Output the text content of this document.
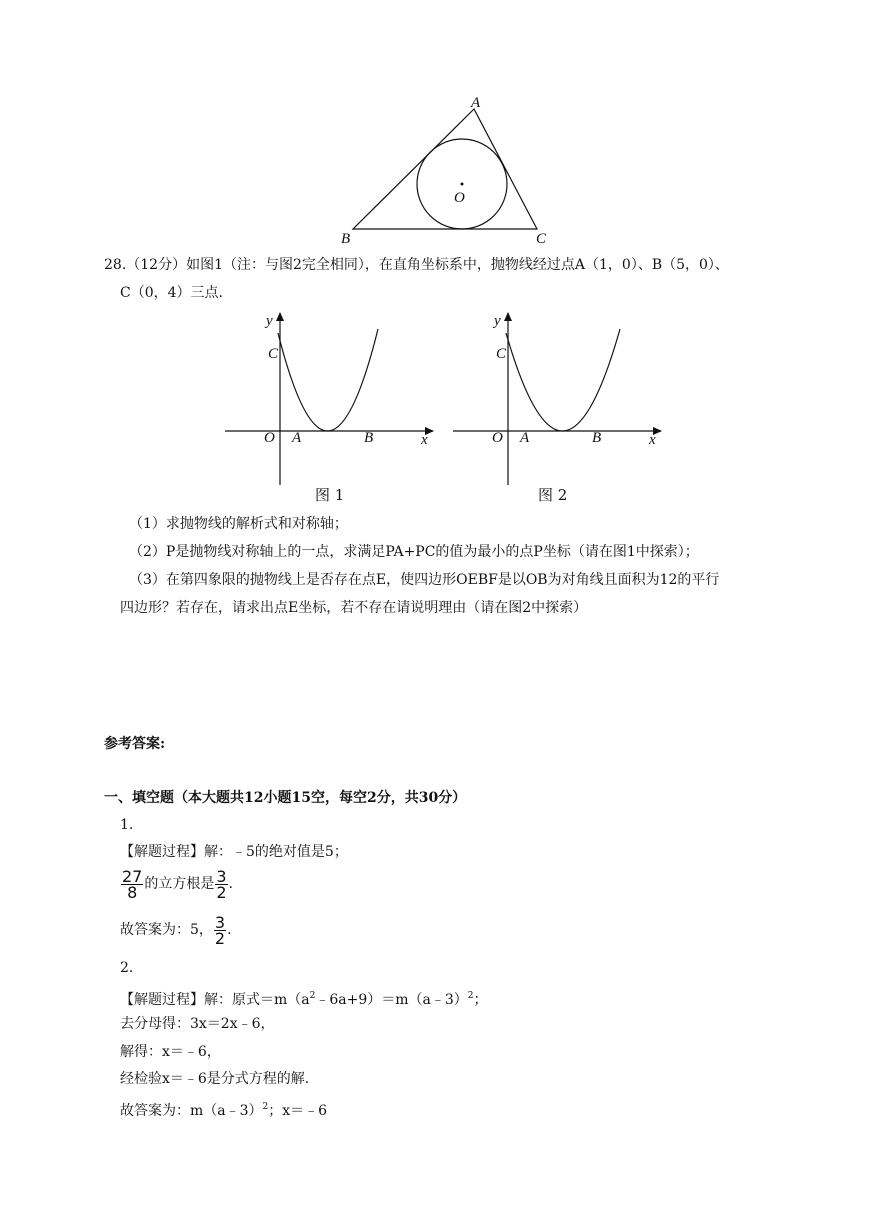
A
B	C
O
28.（12分）如图1（注：与图2完全相同），在直角坐标系中，抛物线经过点A（1，0）、B（5，0）、
C（0，4）三点.
y
C
O A	B	x
图 1
y
C
O A	B	x
图 2
（1）求抛物线的解析式和对称轴；
（2）P是抛物线对称轴上的一点，求满足PA+PC的值为最小的点P坐标（请在图1中探索）；
（3）在第四象限的抛物线上是否存在点E，使四边形OEBF是以OB为对角线且面积为12的平行
四边形？若存在，请求出点E坐标，若不存在请说明理由（请在图2中探索）
参考答案:
一、填空题（本大题共12小题15空，每空2分，共30分）
1.
【解题过程】解：﹣5的绝对值是5；
$\frac{27}{8}$ 的立方根是 $\frac{3}{2}$ .
故答案为：5， $\frac{3}{2}$ .
2.
【解题过程】解：原式$=m(a^2﹣6a+9)=m(a﹣3)^2$；
去分母得：3x＝2x﹣6，
解得：x＝﹣6，
经检验x＝﹣6是分式方程的解.
故答案为：m（a﹣3）$^2$；x＝﹣6
